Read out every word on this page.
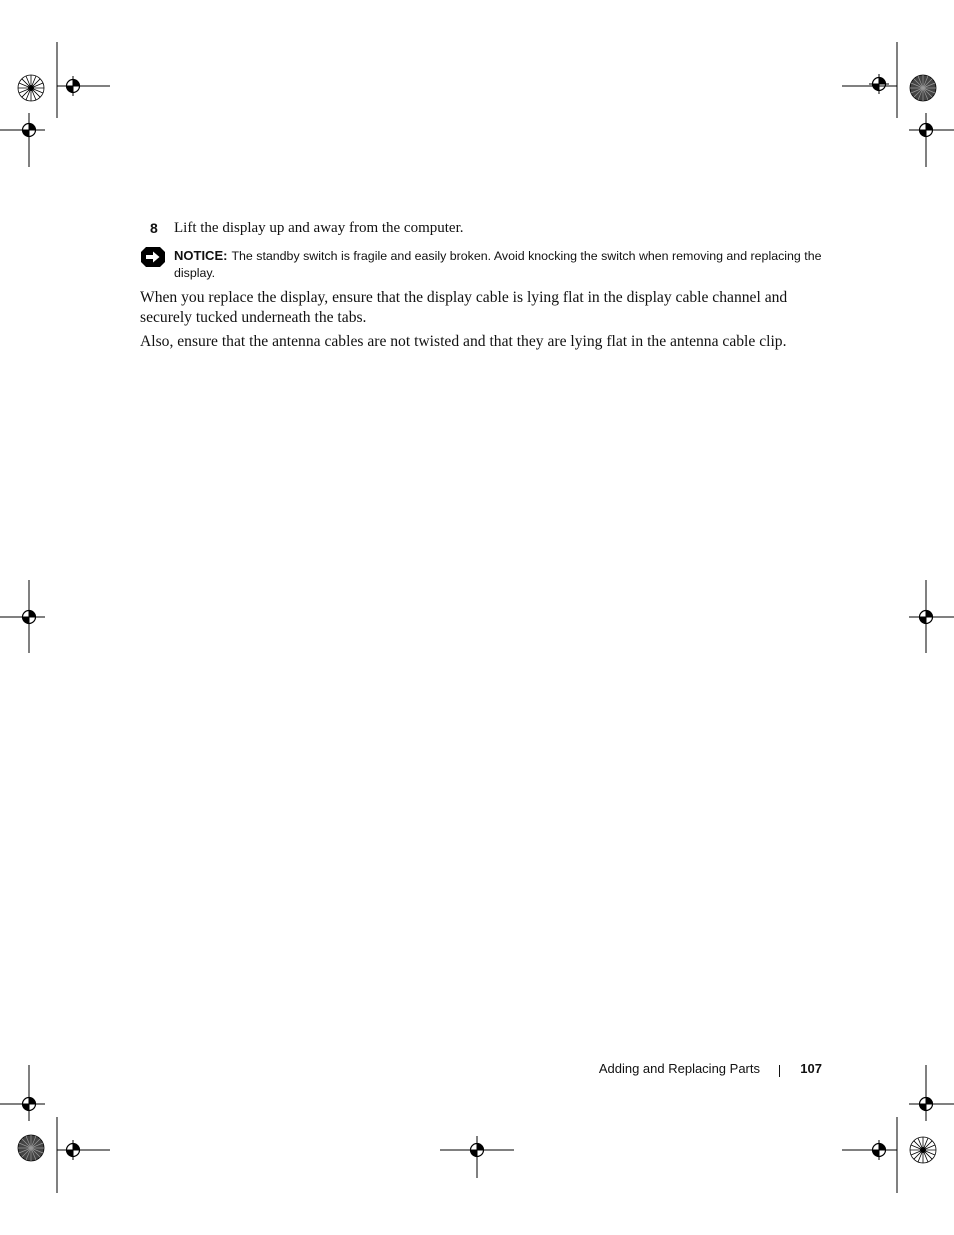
8 Lift the display up and away from the computer.
NOTICE: The standby switch is fragile and easily broken. Avoid knocking the switch when removing and replacing the display.

When you replace the display, ensure that the display cable is lying flat in the display cable channel and securely tucked underneath the tabs.

Also, ensure that the antenna cables are not twisted and that they are lying flat in the antenna cable clip.

Adding and Replacing Parts	107
